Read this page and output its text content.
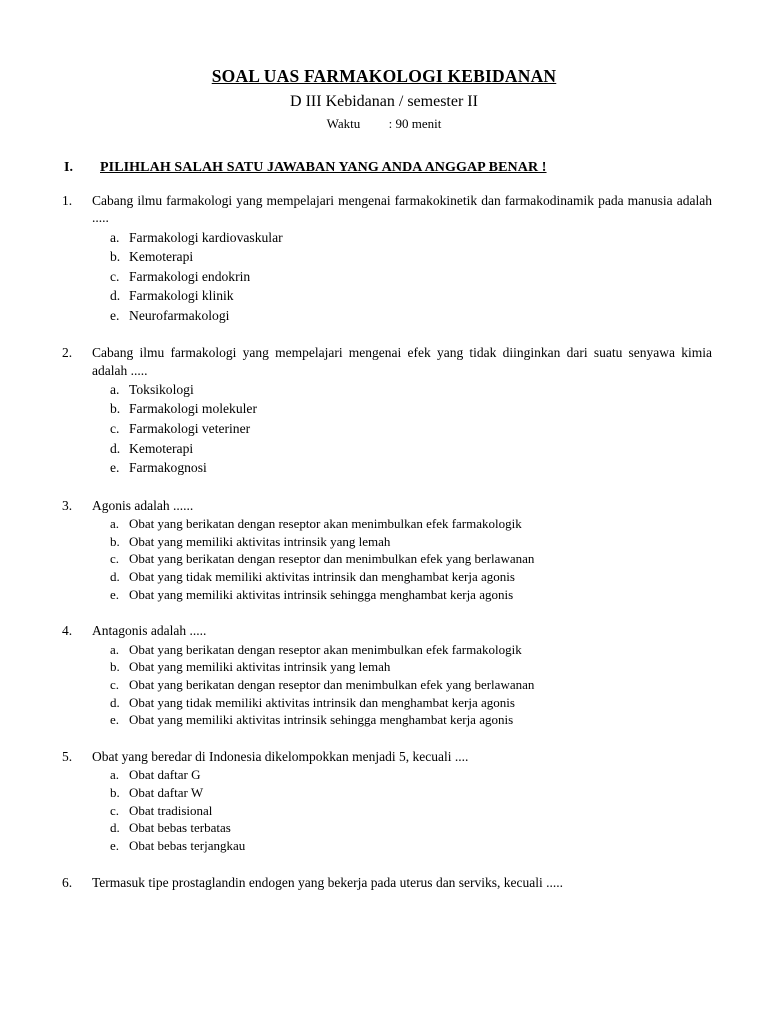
SOAL UAS FARMAKOLOGI KEBIDANAN
D III Kebidanan / semester II
Waktu : 90 menit
I.	PILIHLAH SALAH SATU JAWABAN YANG ANDA ANGGAP BENAR !
1.	Cabang ilmu farmakologi yang mempelajari mengenai farmakokinetik dan farmakodinamik pada manusia adalah .....

a. Farmakologi kardiovaskular
b. Kemoterapi
c. Farmakologi endokrin
d. Farmakologi klinik
e. Neurofarmakologi
2.	Cabang ilmu farmakologi yang mempelajari mengenai efek yang tidak diinginkan dari suatu senyawa kimia adalah .....

a. Toksikologi
b. Farmakologi molekuler
c. Farmakologi veteriner
d. Kemoterapi
e. Farmakognosi
3.	Agonis adalah ......

a. Obat yang berikatan dengan reseptor akan menimbulkan efek farmakologik
b. Obat yang memiliki aktivitas intrinsik yang lemah
c. Obat yang berikatan dengan reseptor dan menimbulkan efek yang berlawanan
d. Obat yang tidak memiliki aktivitas intrinsik dan menghambat kerja agonis
e. Obat yang memiliki aktivitas intrinsik sehingga menghambat kerja agonis
4.	Antagonis adalah .....

a. Obat yang berikatan dengan reseptor akan menimbulkan efek farmakologik
b. Obat yang memiliki aktivitas intrinsik yang lemah
c. Obat yang berikatan dengan reseptor dan menimbulkan efek yang berlawanan
d. Obat yang tidak memiliki aktivitas intrinsik dan menghambat kerja agonis
e. Obat yang memiliki aktivitas intrinsik sehingga menghambat kerja agonis
5.	Obat yang beredar di Indonesia dikelompokkan menjadi 5, kecuali ....

a. Obat daftar G
b. Obat daftar W
c. Obat tradisional
d. Obat bebas terbatas
e. Obat bebas terjangkau
6.	Termasuk tipe prostaglandin endogen yang bekerja pada uterus dan serviks, kecuali .....
